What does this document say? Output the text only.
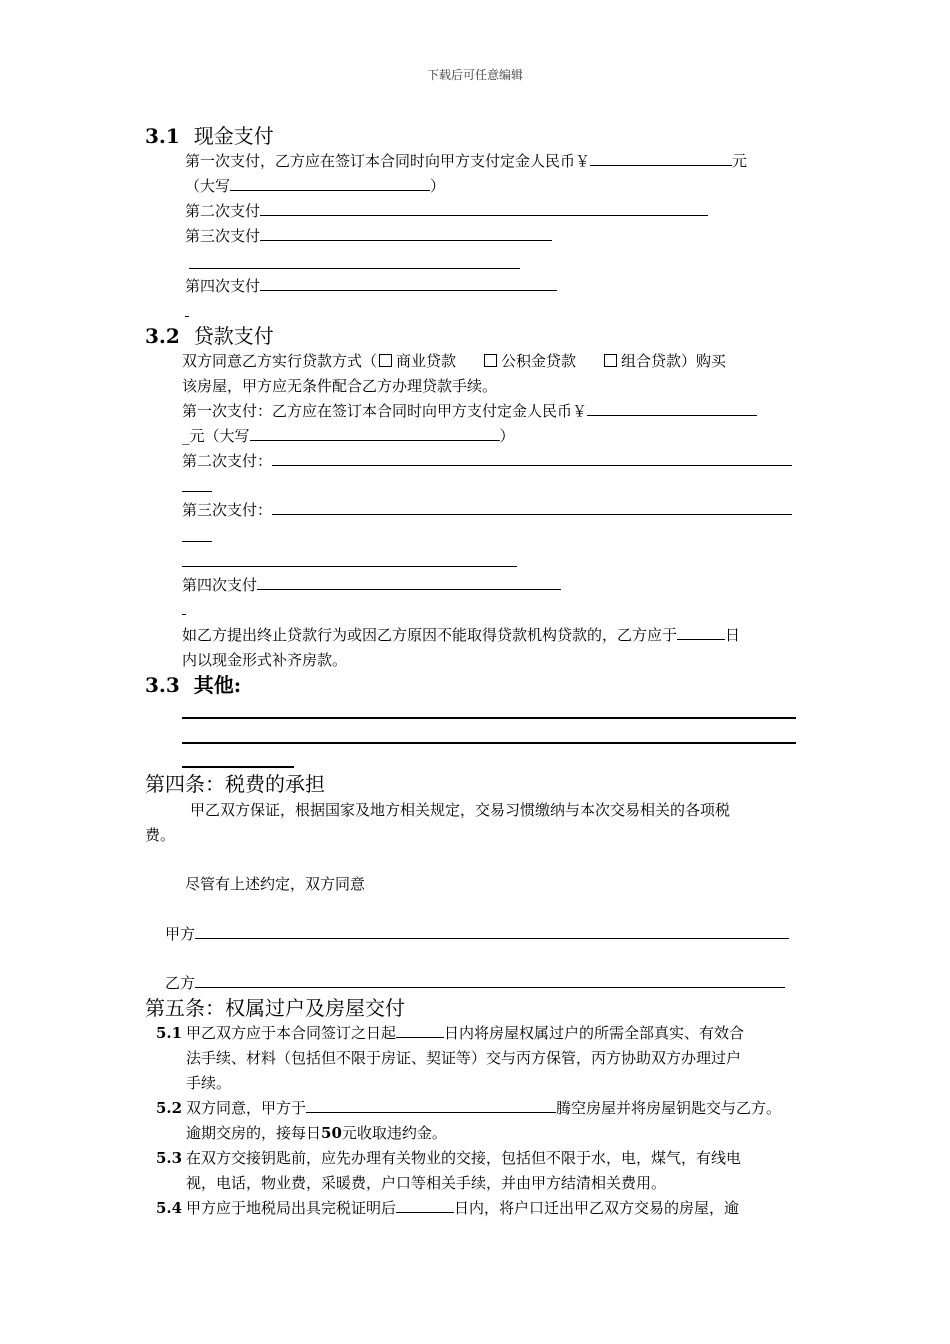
下载后可任意编辑
3.1 现金支付
第一次支付，乙方应在签订本合同时向甲方支付定金人民币￥	元
（大写	）
第二次支付
第三次支付
第四次支付
3.2 贷款支付
双方同意乙方实行贷款方式（ 商业贷款	公积金贷款	组合贷款）购买
该房屋，甲方应无条件配合乙方办理贷款手续。
第一次支付：乙方应在签订本合同时向甲方支付定金人民币￥
_元（大写	）
第二次支付：
第三次支付：
第四次支付
如乙方提出终止贷款行为或因乙方原因不能取得贷款机构贷款的，乙方应于	日
内以现金形式补齐房款。
3.3 其他:
第四条：税费的承担
甲乙双方保证，根据国家及地方相关规定，交易习惯缴纳与本次交易相关的各项税
费。
尽管有上述约定，双方同意
甲方
乙方
第五条：权属过户及房屋交付
5.1 甲乙双方应于本合同签订之日起	日内将房屋权属过户的所需全部真实、有效合
法手续、材料（包括但不限于房证、契证等）交与丙方保管，丙方协助双方办理过户
手续。
5.2 双方同意，甲方于	腾空房屋并将房屋钥匙交与乙方。
逾期交房的，接每日50元收取违约金。
5.3 在双方交接钥匙前，应先办理有关物业的交接，包括但不限于水，电，煤气，有线电
视，电话，物业费，采暖费，户口等相关手续，并由甲方结清相关费用。
5.4 甲方应于地税局出具完税证明后	日内，将户口迁出甲乙双方交易的房屋，逾
